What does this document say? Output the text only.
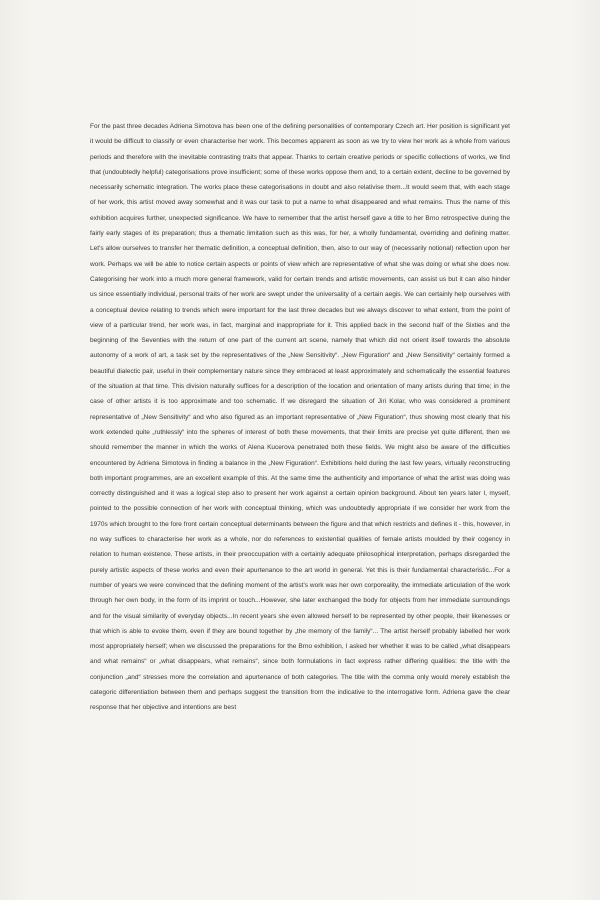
For the past three decades Adriena Simotova has been one of the defining personalities of contemporary Czech art. Her position is significant yet it would be difficult to classify or even characterise her work. This becomes apparent as soon as we try to view her work as a whole from various periods and therefore with the inevitable contrasting traits that appear. Thanks to certain creative periods or specific collections of works, we find that (undoubtedly helpful) categorisations prove insufficient; some of these works oppose them and, to a certain extent, decline to be governed by necessarily schematic integration. The works place these categorisations in doubt and also relativise them...It would seem that, with each stage of her work, this artist moved away somewhat and it was our task to put a name to what disappeared and what remains. Thus the name of this exhibition acquires further, unexpected significance. We have to remember that the artist herself gave a title to her Brno retrospective during the fairly early stages of its preparation; thus a thematic limitation such as this was, for her, a wholly fundamental, overriding and defining matter. Let's allow ourselves to transfer her thematic definition, a conceptual definition, then, also to our way of (necessarily notional) reflection upon her work. Perhaps we will be able to notice certain aspects or points of view which are representative of what she was doing or what she does now. Categorising her work into a much more general framework, valid for certain trends and artistic movements, can assist us but it can also hinder us since essentially individual, personal traits of her work are swept under the universality of a certain aegis. We can certainly help ourselves with a conceptual device relating to trends which were important for the last three decades but we always discover to what extent, from the point of view of a particular trend, her work was, in fact, marginal and inappropriate for it. This applied back in the second half of the Sixties and the beginning of the Seventies with the return of one part of the current art scene, namely that which did not orient itself towards the absolute autonomy of a work of art, a task set by the representatives of the „New Sensitivity“. „New Figuration“ and „New Sensitivity“ certainly formed a beautiful dialectic pair, useful in their complementary nature since they embraced at least approximately and schematically the essential features of the situation at that time. This division naturally suffices for a description of the location and orientation of many artists during that time; in the case of other artists it is too approximate and too schematic. If we disregard the situation of Jiri Kolar, who was considered a prominent representative of „New Sensitivity“ and who also figured as an important representative of „New Figuration“, thus showing most clearly that his work extended quite „ruthlessly“ into the spheres of interest of both these movements, that their limits are precise yet quite different, then we should remember the manner in which the works of Alena Kucerova penetrated both these fields. We might also be aware of the difficulties encountered by Adriena Simotova in finding a balance in the „New Figuration“. Exhibitions held during the last few years, virtually reconstructing both important programmes, are an excellent example of this. At the same time the authenticity and importance of what the artist was doing was correctly distinguished and it was a logical step also to present her work against a certain opinion background. About ten years later I, myself, pointed to the possible connection of her work with conceptual thinking, which was undoubtedly appropriate if we consider her work from the 1970s which brought to the fore front certain conceptual determinants between the figure and that which restricts and defines it - this, however, in no way suffices to characterise her work as a whole, nor do references to existential qualities of female artists moulded by their cogency in relation to human existence. These artists, in their preoccupation with a certainly adequate philosophical interpretation, perhaps disregarded the purely artistic aspects of these works and even their apurtenance to the art world in general. Yet this is their fundamental characteristic...For a number of years we were convinced that the defining moment of the artist's work was her own corporeality, the immediate articulation of the work through her own body, in the form of its imprint or touch...However, she later exchanged the body for objects from her immediate surroundings and for the visual similarity of everyday objects...In recent years she even allowed herself to be represented by other people, their likenesses or that which is able to evoke them, even if they are bound together by „the memory of the family“... The artist herself probably labelled her work most appropriately herself; when we discussed the preparations for the Brno exhibition, I asked her whether it was to be called „what disappears and what remains“ or „what disappears, what remains“, since both formulations in fact express rather differing qualities: the title with the conjunction „and“ stresses more the correlation and apurtenance of both categories. The title with the comma only would merely establish the categoric differentiation between them and perhaps suggest the transition from the indicative to the interrogative form. Adriena gave the clear response that her objective and intentions are best
